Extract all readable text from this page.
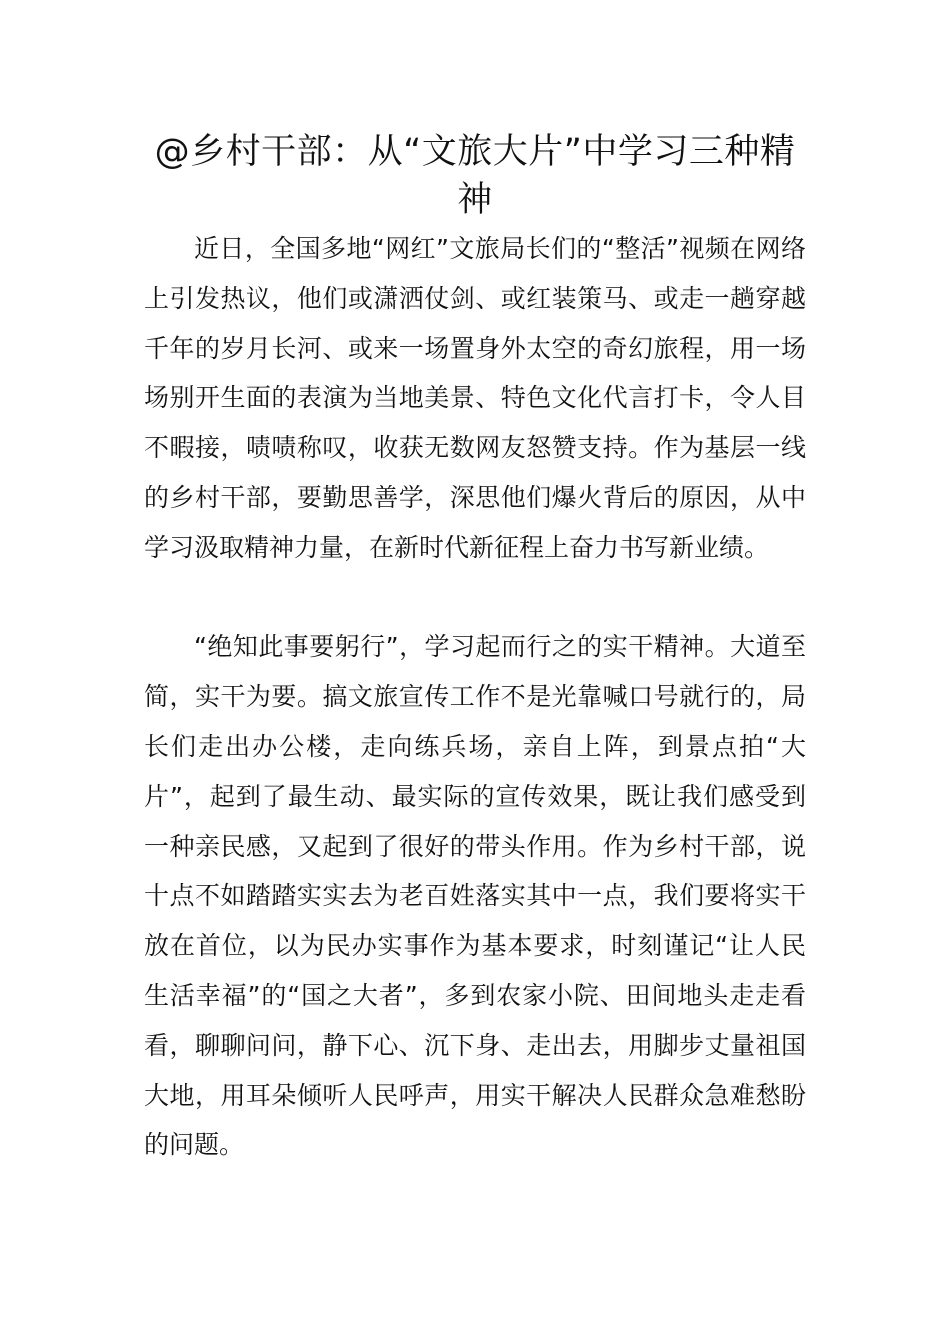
@乡村干部：从“文旅大片”中学习三种精神

近日，全国多地“网红”文旅局长们的“整活”视频在网络上引发热议，他们或潇洒仗剑、或红装策马、或走一趟穿越千年的岁月长河、或来一场置身外太空的奇幻旅程，用一场场别开生面的表演为当地美景、特色文化代言打卡，令人目不暇接，啧啧称叹，收获无数网友怒赞支持。作为基层一线的乡村干部，要勤思善学，深思他们爆火背后的原因，从中学习汲取精神力量，在新时代新征程上奋力书写新业绩。

“绝知此事要躬行”，学习起而行之的实干精神。大道至简，实干为要。搞文旅宣传工作不是光靠喊口号就行的，局长们走出办公楼，走向练兵场，亲自上阵，到景点拍“大片”，起到了最生动、最实际的宣传效果，既让我们感受到一种亲民感，又起到了很好的带头作用。作为乡村干部，说十点不如踏踏实实去为老百姓落实其中一点，我们要将实干放在首位，以为民办实事作为基本要求，时刻谨记“让人民生活幸福”的“国之大者”，多到农家小院、田间地头走走看看，聊聊问问，静下心、沉下身、走出去，用脚步丈量祖国大地，用耳朵倾听人民呼声，用实干解决人民群众急难愁盼的问题。
